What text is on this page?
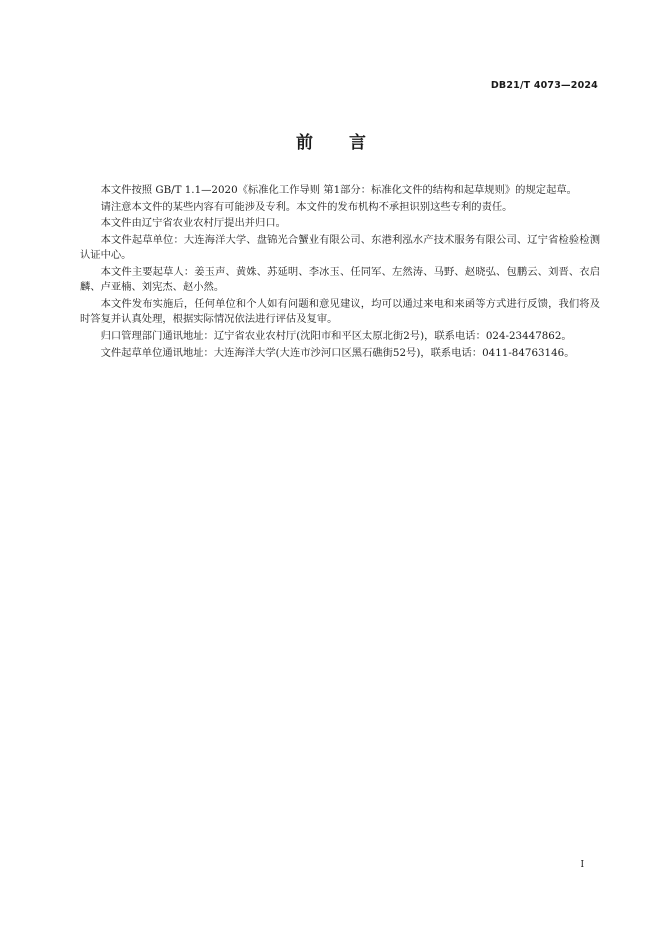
DB21/T 4073—2024
前言

本文件按照 GB/T 1.1—2020《标准化工作导则 第1部分：标准化文件的结构和起草规则》的规定起草。

请注意本文件的某些内容有可能涉及专利。本文件的发布机构不承担识别这些专利的责任。

本文件由辽宁省农业农村厅提出并归口。

本文件起草单位：大连海洋大学、盘锦光合蟹业有限公司、东港利泓水产技术服务有限公司、辽宁省检验检测认证中心。

本文件主要起草人：姜玉声、黄姝、苏延明、李冰玉、任同军、左然涛、马野、赵晓弘、包鹏云、刘晋、衣启麟、卢亚楠、刘宪杰、赵小然。

本文件发布实施后，任何单位和个人如有问题和意见建议，均可以通过来电和来函等方式进行反馈，我们将及时答复并认真处理，根据实际情况依法进行评估及复审。

归口管理部门通讯地址：辽宁省农业农村厅(沈阳市和平区太原北街2号)，联系电话：024-23447862。

文件起草单位通讯地址：大连海洋大学(大连市沙河口区黑石礁街52号)，联系电话：0411-84763146。

I
